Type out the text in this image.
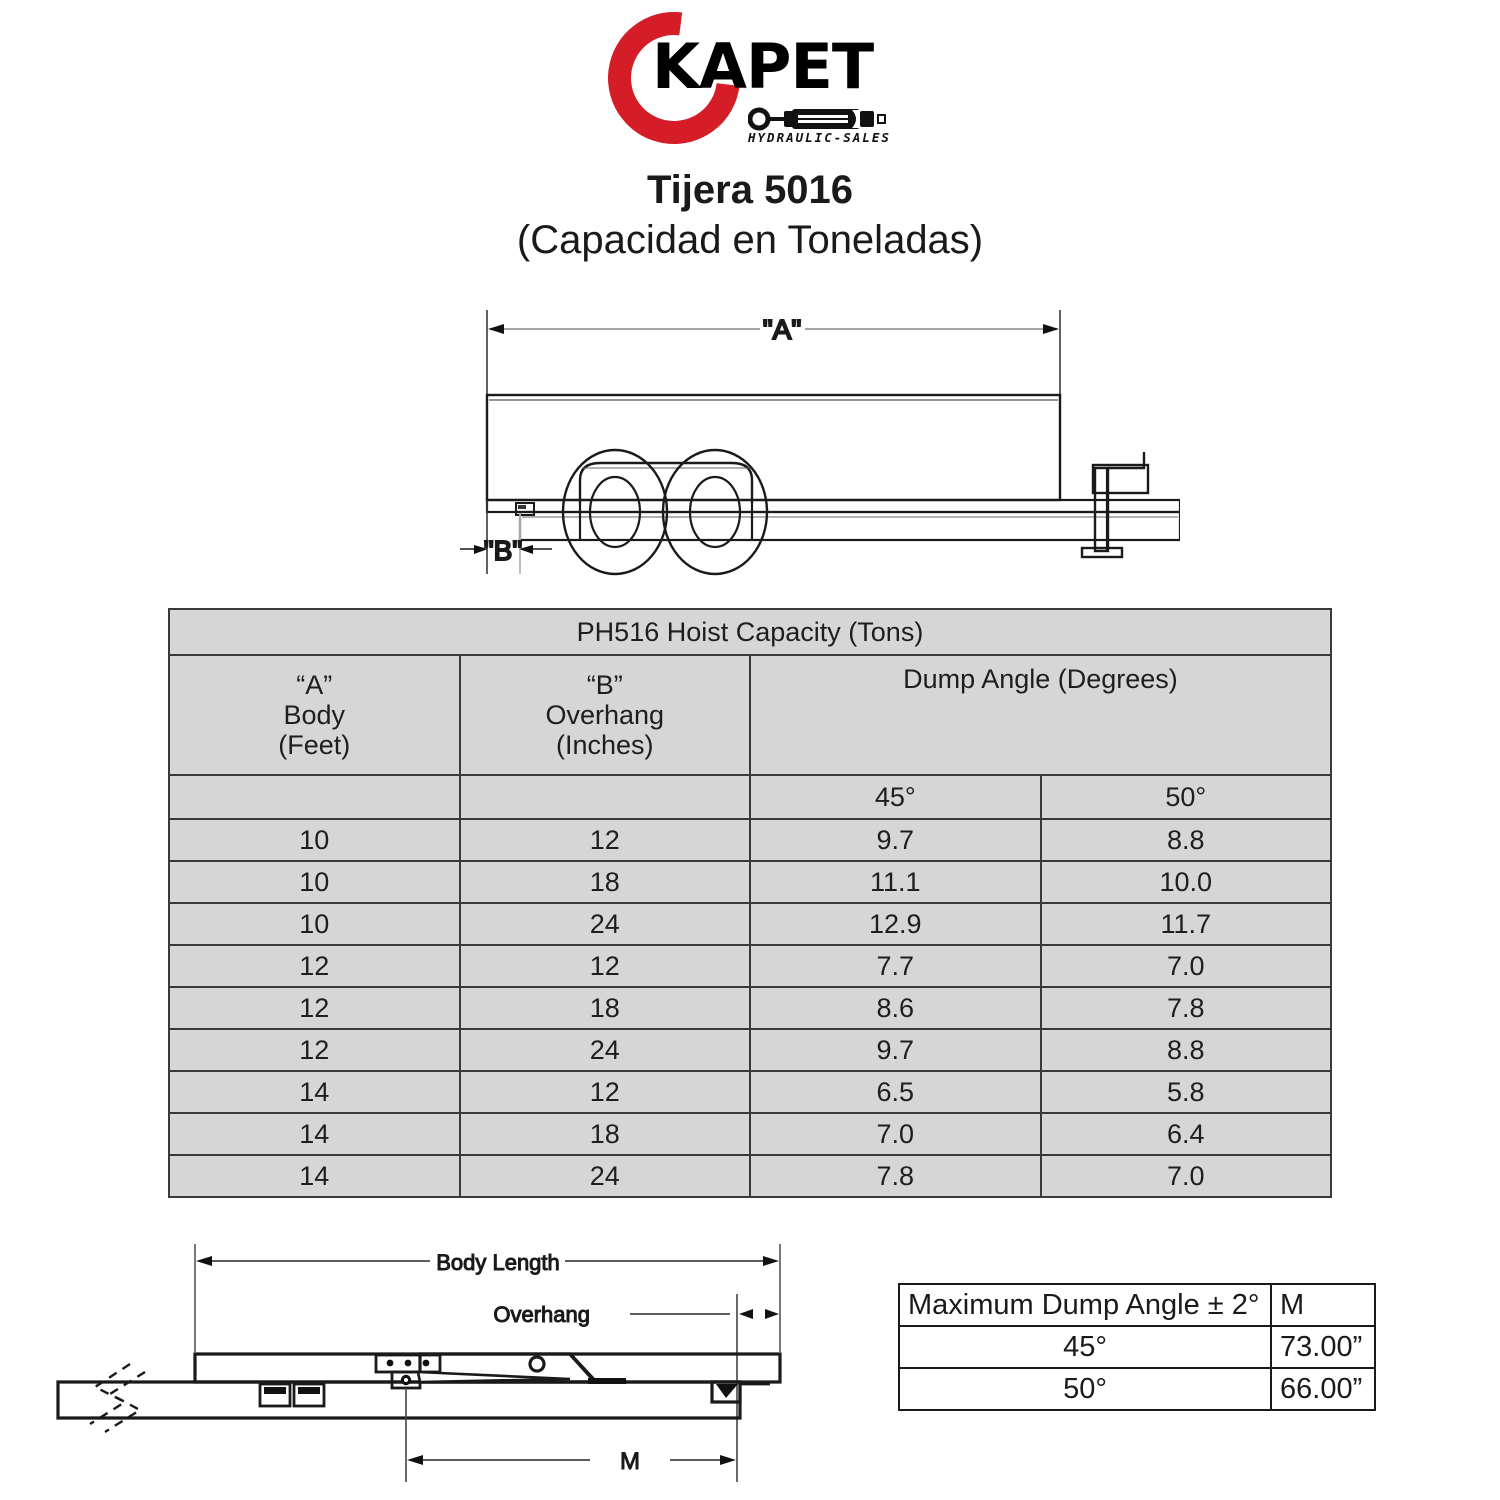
KAPET
HYDRAULIC-SALES
Tijera 5016
(Capacidad en Toneladas)
"A"
"B"
PH516 Hoist Capacity (Tons)			

“A”
Body
(Feet)

“B”
Overhang
(Inches)
	Dump Angle (Degrees)
		45°	50°
10	12	9.7	8.8
10	18	11.1	10.0
10	24	12.9	11.7
12	12	7.7	7.0
12	18	8.6	7.8
12	24	9.7	8.8
14	12	6.5	5.8
14	18	7.0	6.4
14	24	7.8	7.0
Body Length
Overhang
M
Maximum Dump Angle ± 2°	M
45°	73.00”
50°	66.00”
